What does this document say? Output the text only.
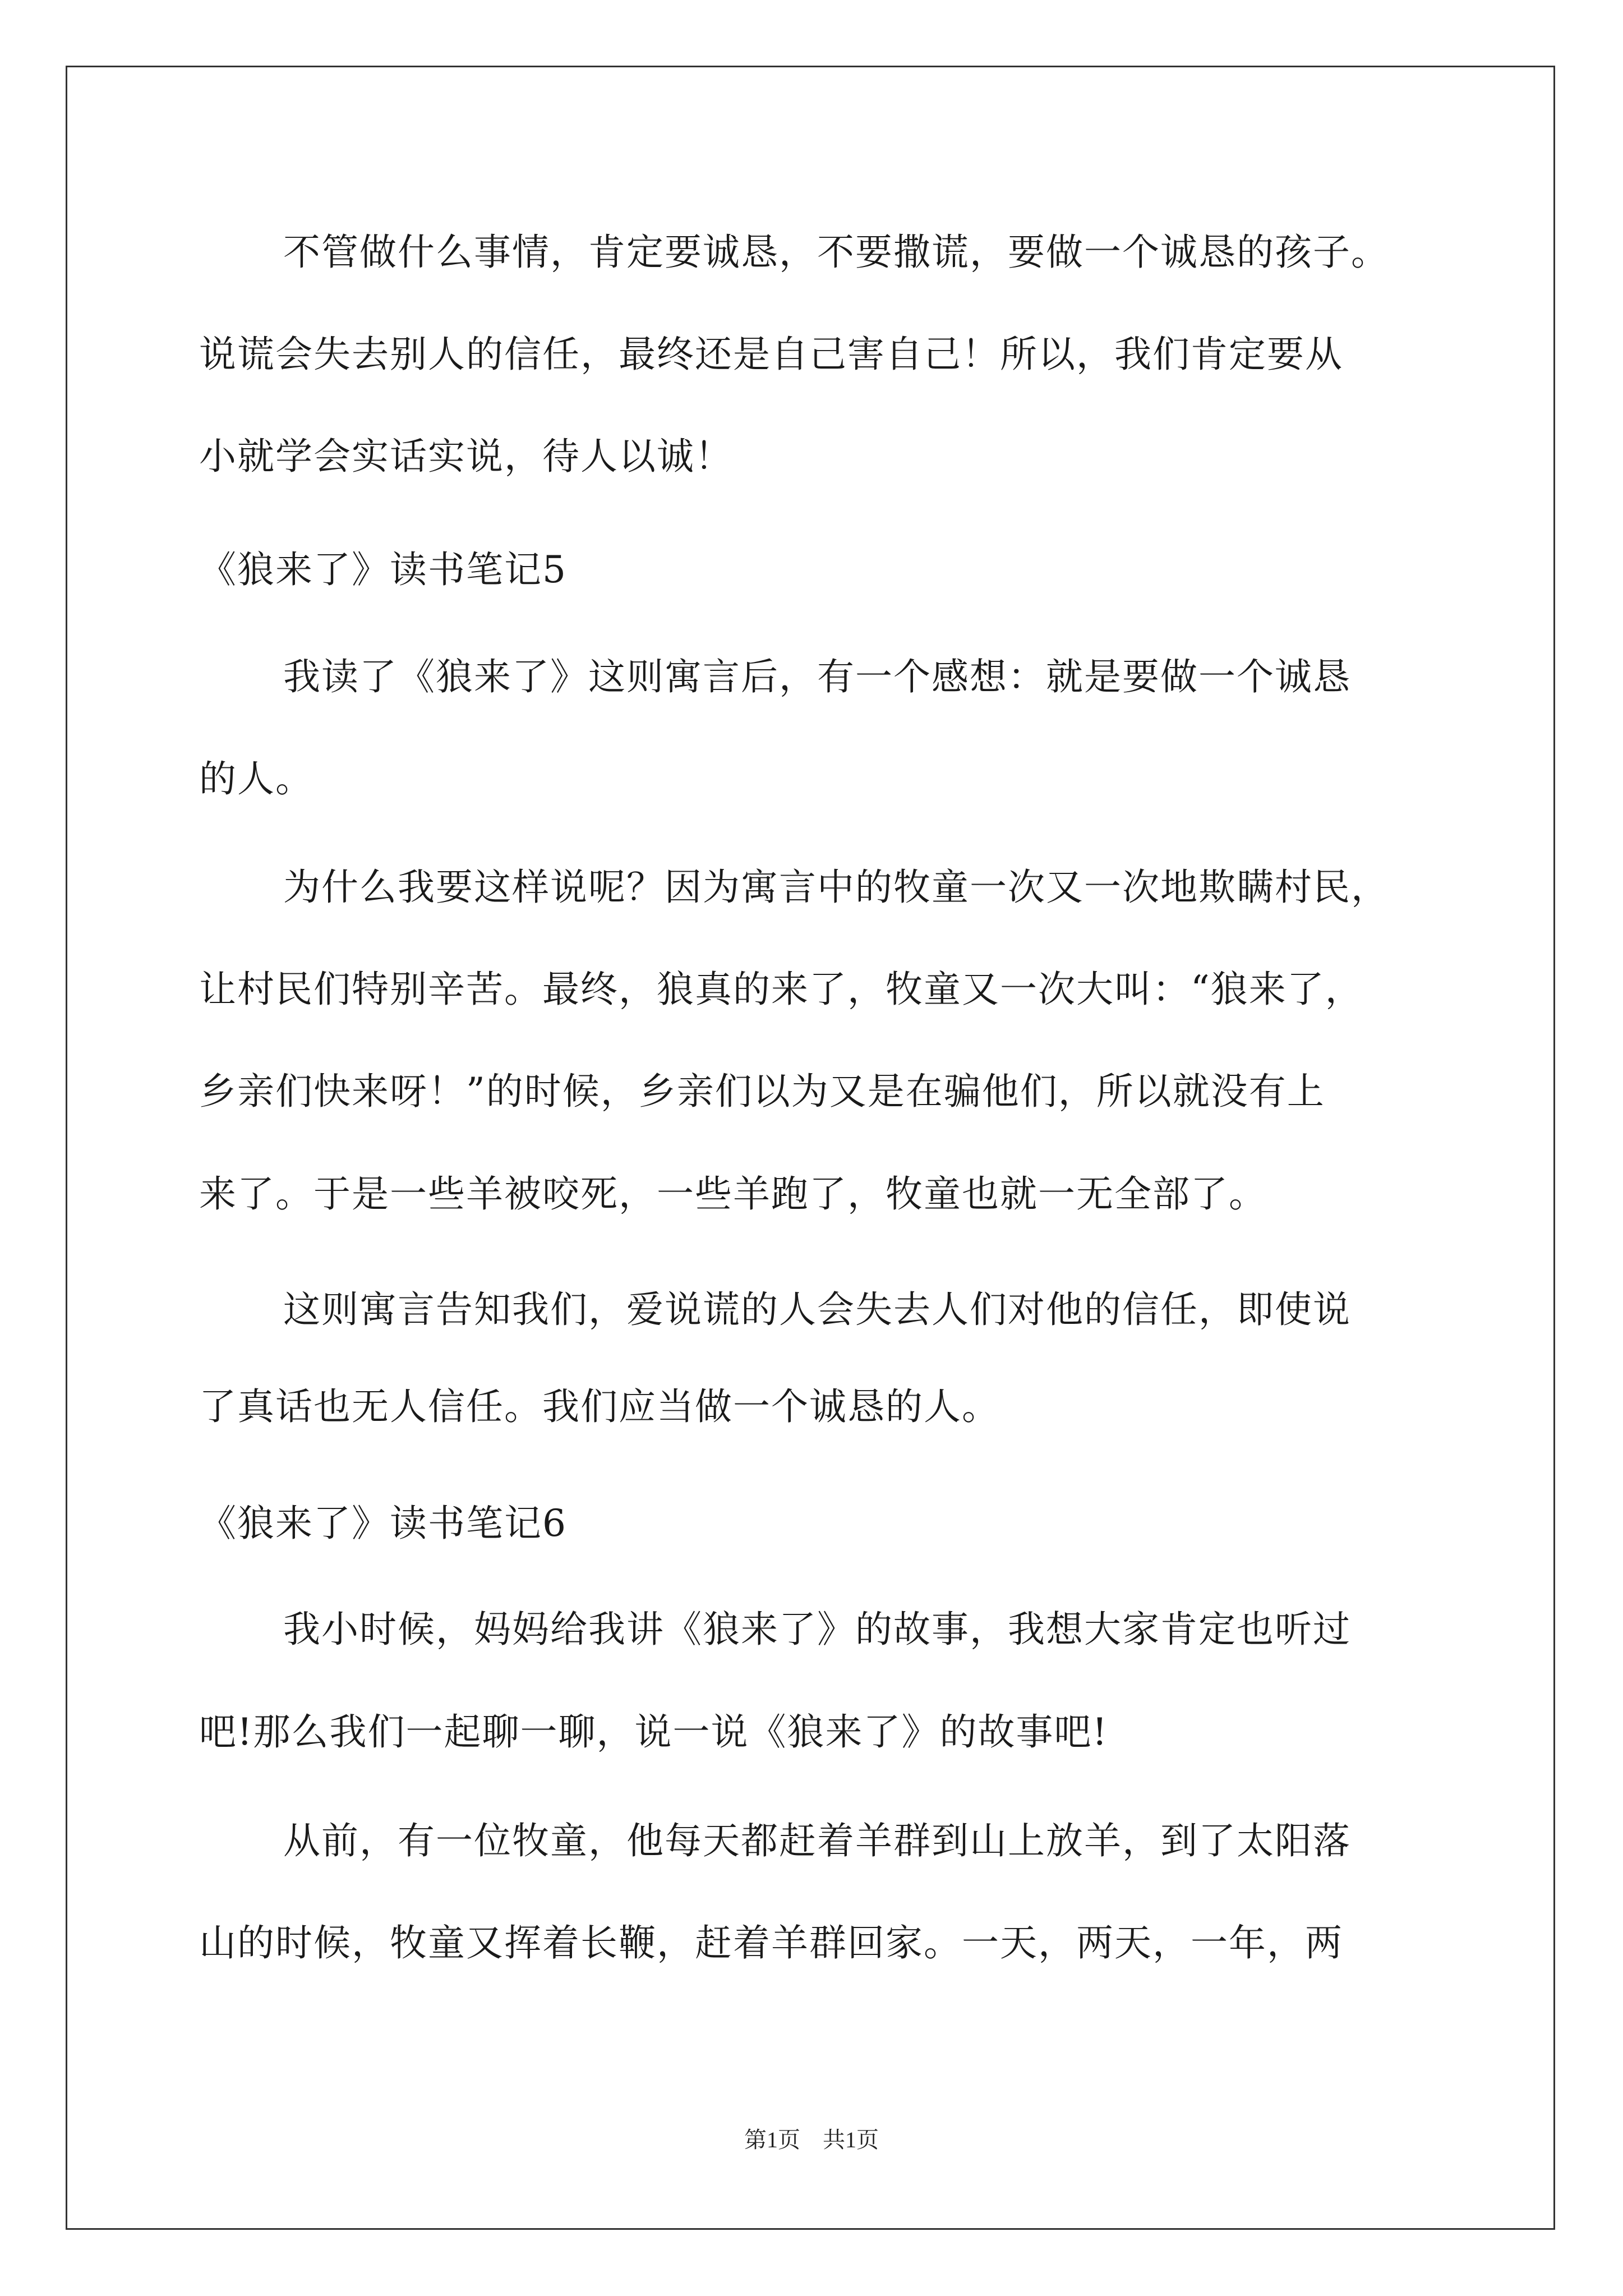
不管做什么事情，肯定要诚恳，不要撒谎，要做一个诚恳的孩子。
说谎会失去别人的信任，最终还是自己害自己！所以，我们肯定要从
小就学会实话实说，待人以诚！
《狼来了》读书笔记5
我读了《狼来了》这则寓言后，有一个感想：就是要做一个诚恳
的人。
为什么我要这样说呢？因为寓言中的牧童一次又一次地欺瞒村民，
让村民们特别辛苦。最终，狼真的来了，牧童又一次大叫：“狼来了，
乡亲们快来呀！”的时候，乡亲们以为又是在骗他们，所以就没有上
来了。于是一些羊被咬死，一些羊跑了，牧童也就一无全部了。
这则寓言告知我们，爱说谎的人会失去人们对他的信任，即使说
了真话也无人信任。我们应当做一个诚恳的人。
《狼来了》读书笔记6
我小时候，妈妈给我讲《狼来了》的故事，我想大家肯定也听过
吧!那么我们一起聊一聊，说一说《狼来了》的故事吧!
从前，有一位牧童，他每天都赶着羊群到山上放羊，到了太阳落
山的时候，牧童又挥着长鞭，赶着羊群回家。一天，两天，一年，两
第1页　共1页
